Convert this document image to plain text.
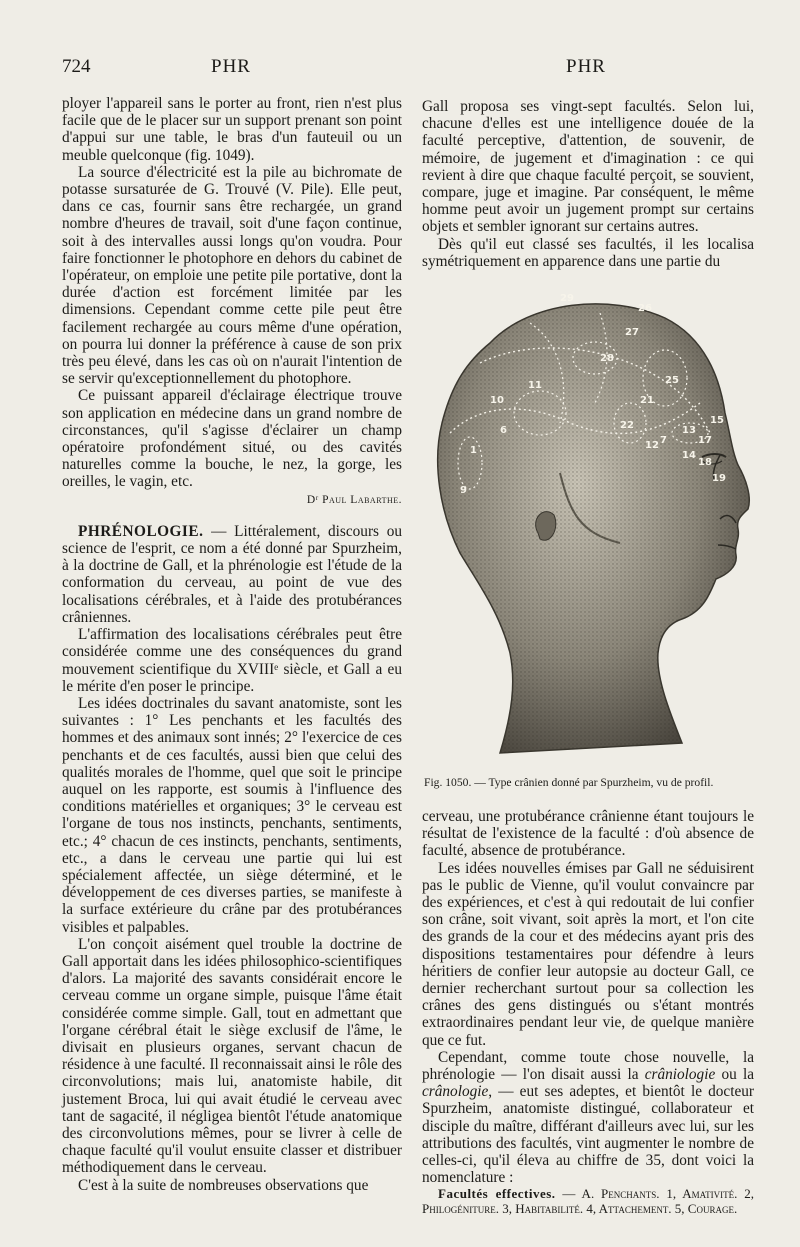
724	PHR	PHR

ployer l'appareil sans le porter au front, rien n'est plus facile que de le placer sur un support prenant son point d'appui sur une table, le bras d'un fauteuil ou un meuble quelconque (fig. 1049).

La source d'électricité est la pile au bichromate de potasse sursaturée de G. Trouvé (V. Pile). Elle peut, dans ce cas, fournir sans être rechargée, un grand nombre d'heures de travail, soit d'une façon continue, soit à des intervalles aussi longs qu'on voudra. Pour faire fonctionner le photophore en dehors du cabinet de l'opérateur, on emploie une petite pile portative, dont la durée d'action est forcément limitée par les dimensions. Cependant comme cette pile peut être facilement rechargée au cours même d'une opération, on pourra lui donner la préférence à cause de son prix très peu élevé, dans les cas où on n'aurait l'intention de se servir qu'exceptionnellement du photophore.

Ce puissant appareil d'éclairage électrique trouve son application en médecine dans un grand nombre de circonstances, qu'il s'agisse d'éclairer un champ opératoire profondément situé, ou des cavités naturelles comme la bouche, le nez, la gorge, les oreilles, le vagin, etc.

Dʳ Paul Labarthe.

PHRÉNOLOGIE. — Littéralement, discours ou science de l'esprit, ce nom a été donné par Spurzheim, à la doctrine de Gall, et la phrénologie est l'étude de la conformation du cerveau, au point de vue des localisations cérébrales, et à l'aide des protubérances crâniennes.

L'affirmation des localisations cérébrales peut être considérée comme une des conséquences du grand mouvement scientifique du XVIIIᵉ siècle, et Gall a eu le mérite d'en poser le principe.

Les idées doctrinales du savant anatomiste, sont les suivantes : 1° Les penchants et les facultés des hommes et des animaux sont innés; 2° l'exercice de ces penchants et de ces facultés, aussi bien que celui des qualités morales de l'homme, quel que soit le principe auquel on les rapporte, est soumis à l'influence des conditions matérielles et organiques; 3° le cerveau est l'organe de tous nos instincts, penchants, sentiments, etc.; 4° chacun de ces instincts, penchants, sentiments, etc., a dans le cerveau une partie qui lui est spécialement affectée, un siège déterminé, et le développement de ces diverses parties, se manifeste à la surface extérieure du crâne par des protubérances visibles et palpables.

L'on conçoit aisément quel trouble la doctrine de Gall apportait dans les idées philosophico-scientifiques d'alors. La majorité des savants considérait encore le cerveau comme un organe simple, puisque l'âme était considérée comme simple. Gall, tout en admettant que l'organe cérébral était le siège exclusif de l'âme, le divisait en plusieurs organes, servant chacun de résidence à une faculté. Il reconnaissait ainsi le rôle des circonvolutions; mais lui, anatomiste habile, dit justement Broca, lui qui avait étudié le cerveau avec tant de sagacité, il négligea bientôt l'étude anatomique des circonvolutions mêmes, pour se livrer à celle de chaque faculté qu'il voulut ensuite classer et distribuer méthodiquement dans le cerveau.

C'est à la suite de nombreuses observations que

Gall proposa ses vingt-sept facultés. Selon lui, chacune d'elles est une intelligence douée de la faculté perceptive, d'attention, de souvenir, de mémoire, de jugement et d'imagination : ce qui revient à dire que chaque faculté perçoit, se souvient, compare, juge et imagine. Par conséquent, le même homme peut avoir un jugement prompt sur certains objets et sembler ignorant sur certains autres.

Dès qu'il eut classé ses facultés, il les localisa symétriquement en apparence dans une partie du

29
26
27
28
25
11
21
22
10
1
6
9
12
13
17
15
18
19
14
7
Fig. 1050. — Type crânien donné par Spurzheim, vu de profil.

cerveau, une protubérance crânienne étant toujours le résultat de l'existence de la faculté : d'où absence de faculté, absence de protubérance.

Les idées nouvelles émises par Gall ne séduisirent pas le public de Vienne, qu'il voulut convaincre par des expériences, et c'est à qui redoutait de lui confier son crâne, soit vivant, soit après la mort, et l'on cite des grands de la cour et des médecins ayant pris des dispositions testamentaires pour défendre à leurs héritiers de confier leur autopsie au docteur Gall, ce dernier recherchant surtout pour sa collection les crânes des gens distingués ou s'étant montrés extraordinaires pendant leur vie, de quelque manière que ce fut.

Cependant, comme toute chose nouvelle, la phrénologie — l'on disait aussi la crâniologie ou la crânologie, — eut ses adeptes, et bientôt le docteur Spurzheim, anatomiste distingué, collaborateur et disciple du maître, différant d'ailleurs avec lui, sur les attributions des facultés, vint augmenter le nombre de celles-ci, qu'il éleva au chiffre de 35, dont voici la nomenclature :

Facultés effectives. — A. Penchants. 1, Amativité. 2, Philogéniture. 3, Habitabilité. 4, Attachement. 5, Courage.
